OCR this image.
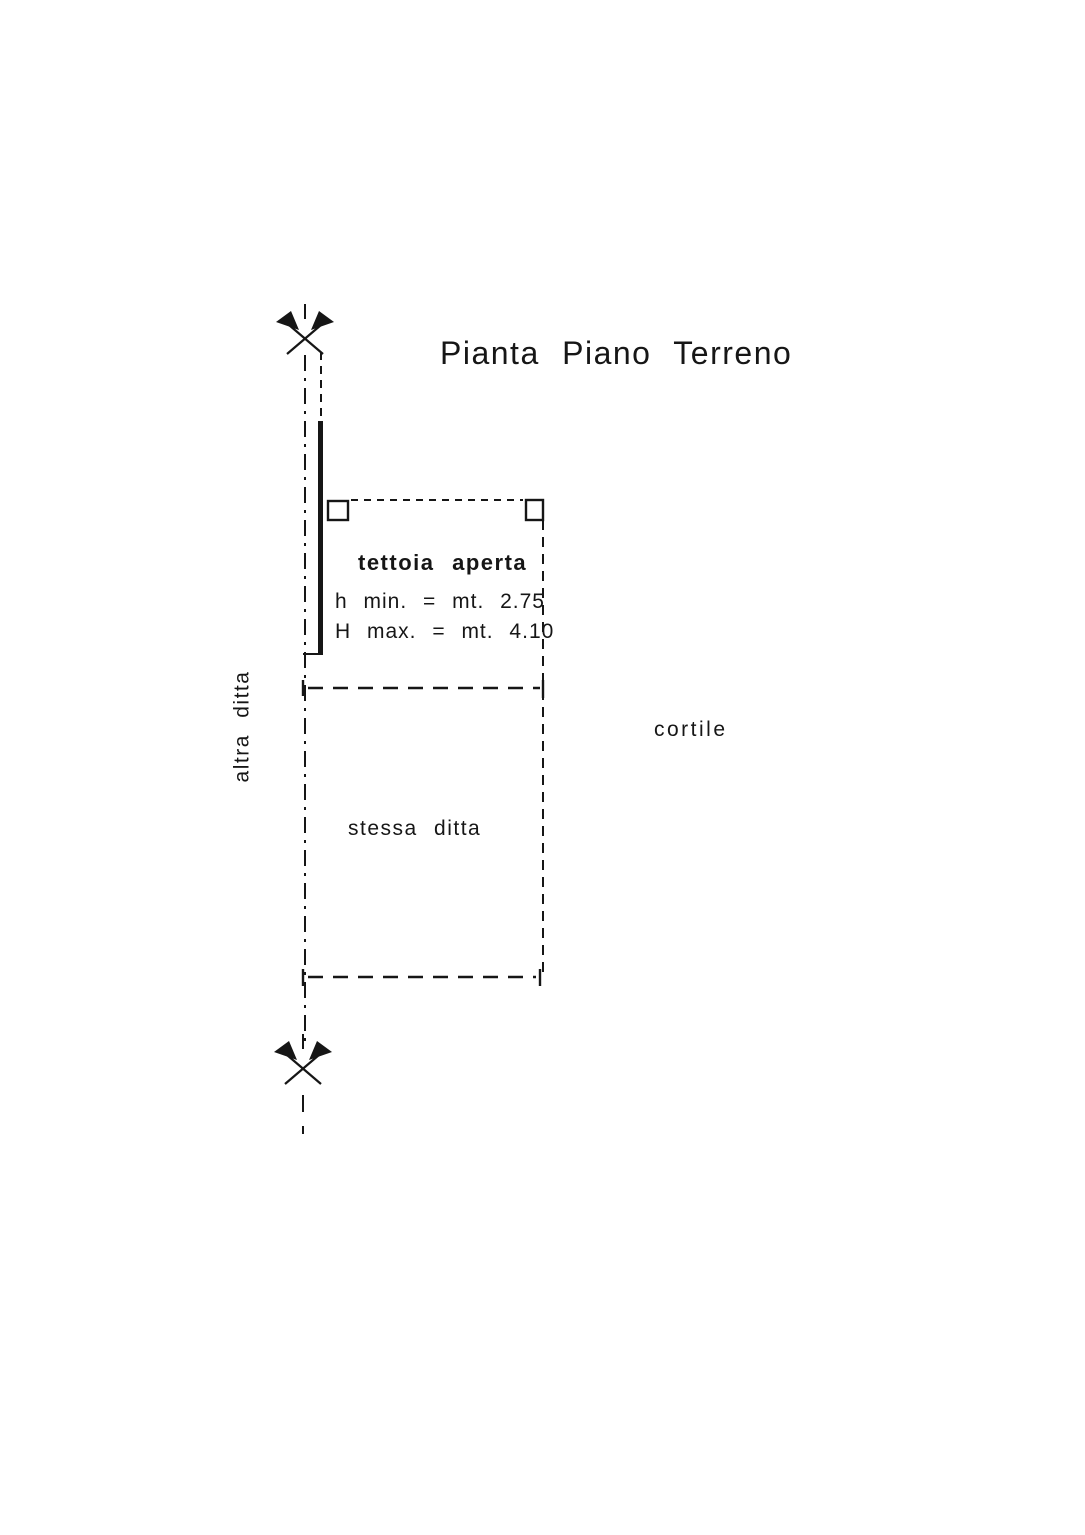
Pianta Piano Terreno
tettoia aperta
h min. = mt. 2.75
H max. = mt. 4.10
cortile
stessa ditta
altra ditta
